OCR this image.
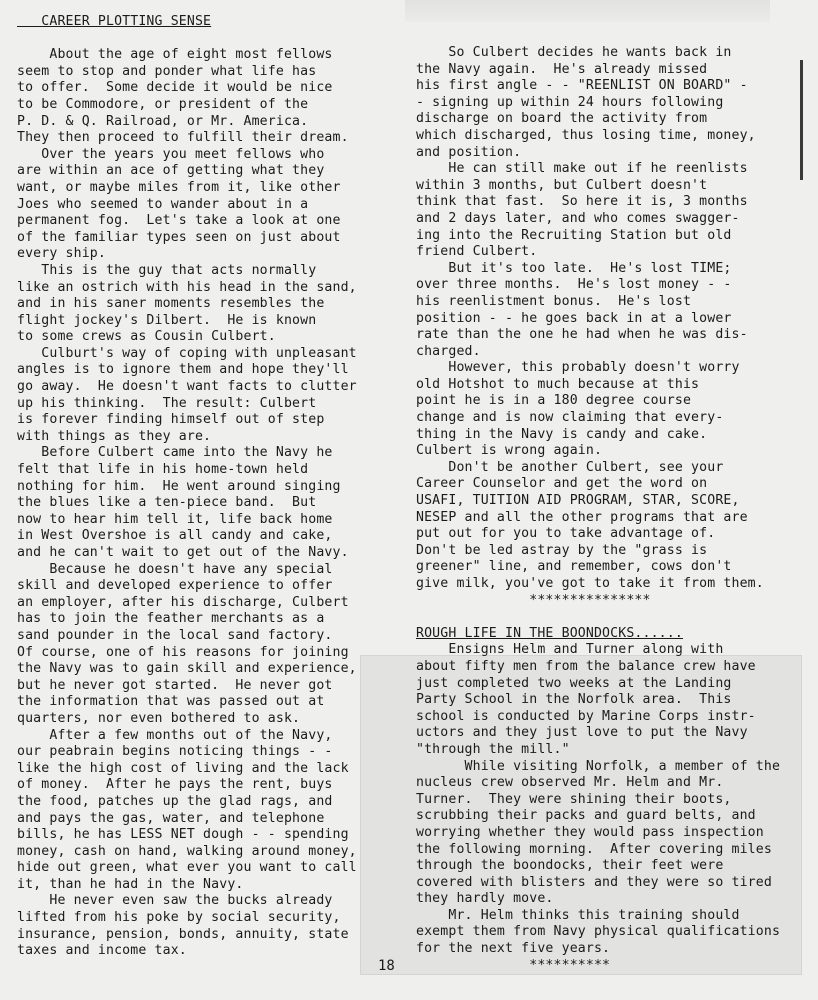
CAREER PLOTTING SENSE
About the age of eight most fellows
seem to stop and ponder what life has
to offer.  Some decide it would be nice
to be Commodore, or president of the
P. D. & Q. Railroad, or Mr. America.
They then proceed to fulfill their dream.
Over the years you meet fellows who
are within an ace of getting what they
want, or maybe miles from it, like other
Joes who seemed to wander about in a
permanent fog.  Let's take a look at one
of the familiar types seen on just about
every ship.
This is the guy that acts normally
like an ostrich with his head in the sand,
and in his saner moments resembles the
flight jockey's Dilbert.  He is known
to some crews as Cousin Culbert.
Culburt's way of coping with unpleasant
angles is to ignore them and hope they'll
go away.  He doesn't want facts to clutter
up his thinking.  The result: Culbert
is forever finding himself out of step
with things as they are.
Before Culbert came into the Navy he
felt that life in his home-town held
nothing for him.  He went around singing
the blues like a ten-piece band.  But
now to hear him tell it, life back home
in West Overshoe is all candy and cake,
and he can't wait to get out of the Navy.
Because he doesn't have any special
skill and developed experience to offer
an employer, after his discharge, Culbert
has to join the feather merchants as a
sand pounder in the local sand factory.
Of course, one of his reasons for joining
the Navy was to gain skill and experience,
but he never got started.  He never got
the information that was passed out at
quarters, nor even bothered to ask.
After a few months out of the Navy,
our peabrain begins noticing things - -
like the high cost of living and the lack
of money.  After he pays the rent, buys
the food, patches up the glad rags, and
and pays the gas, water, and telephone
bills, he has LESS NET dough - - spending
money, cash on hand, walking around money,
hide out green, what ever you want to call
it, than he had in the Navy.
He never even saw the bucks already
lifted from his poke by social security,
insurance, pension, bonds, annuity, state
taxes and income tax.
So Culbert decides he wants back in
the Navy again.  He's already missed
his first angle - - "REENLIST ON BOARD" -
- signing up within 24 hours following
discharge on board the activity from
which discharged, thus losing time, money,
and position.
He can still make out if he reenlists
within 3 months, but Culbert doesn't
think that fast.  So here it is, 3 months
and 2 days later, and who comes swagger-
ing into the Recruiting Station but old
friend Culbert.
But it's too late.  He's lost TIME;
over three months.  He's lost money - -
his reenlistment bonus.  He's lost
position - - he goes back in at a lower
rate than the one he had when he was dis-
charged.
However, this probably doesn't worry
old Hotshot to much because at this
point he is in a 180 degree course
change and is now claiming that every-
thing in the Navy is candy and cake.
Culbert is wrong again.
Don't be another Culbert, see your
Career Counselor and get the word on
USAFI, TUITION AID PROGRAM, STAR, SCORE,
NESEP and all the other programs that are
put out for you to take advantage of.
Don't be led astray by the "grass is
greener" line, and remember, cows don't
give milk, you've got to take it from them.
***************
ROUGH LIFE IN THE BOONDOCKS......
Ensigns Helm and Turner along with
about fifty men from the balance crew have
just completed two weeks at the Landing
Party School in the Norfolk area.  This
school is conducted by Marine Corps instr-
uctors and they just love to put the Navy
"through the mill."
While visiting Norfolk, a member of the
nucleus crew observed Mr. Helm and Mr.
Turner.  They were shining their boots,
scrubbing their packs and guard belts, and
worrying whether they would pass inspection
the following morning.  After covering miles
through the boondocks, their feet were
covered with blisters and they were so tired
they hardly move.
Mr. Helm thinks this training should
exempt them from Navy physical qualifications
for the next five years.
**********
18
